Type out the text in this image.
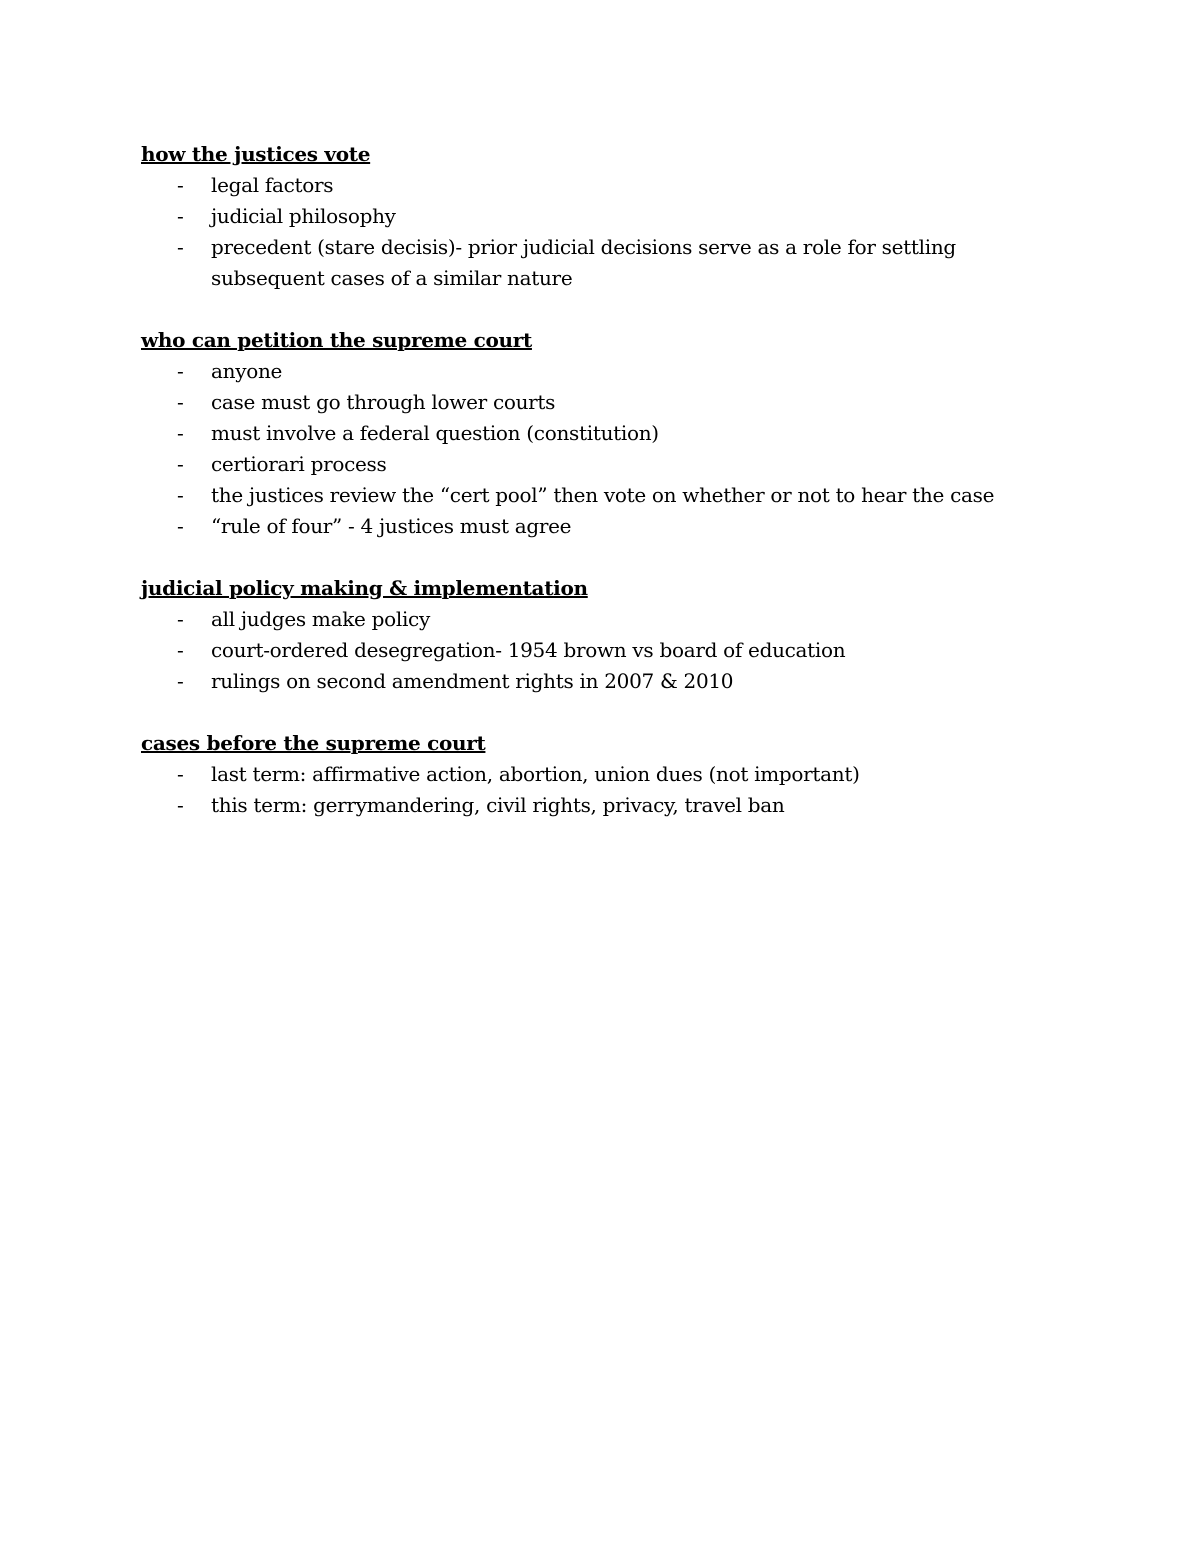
how the justices vote
-	legal factors
-	judicial philosophy
-	precedent (stare decisis)- prior judicial decisions serve as a role for settling subsequent cases of a similar nature
who can petition the supreme court
-	anyone
-	case must go through lower courts
-	must involve a federal question (constitution)
-	certiorari process
-	the justices review the “cert pool” then vote on whether or not to hear the case
-	“rule of four” - 4 justices must agree
judicial policy making & implementation
-	all judges make policy
-	court-ordered desegregation- 1954 brown vs board of education
-	rulings on second amendment rights in 2007 & 2010
cases before the supreme court
-	last term: affirmative action, abortion, union dues (not important)
-	this term: gerrymandering, civil rights, privacy, travel ban
